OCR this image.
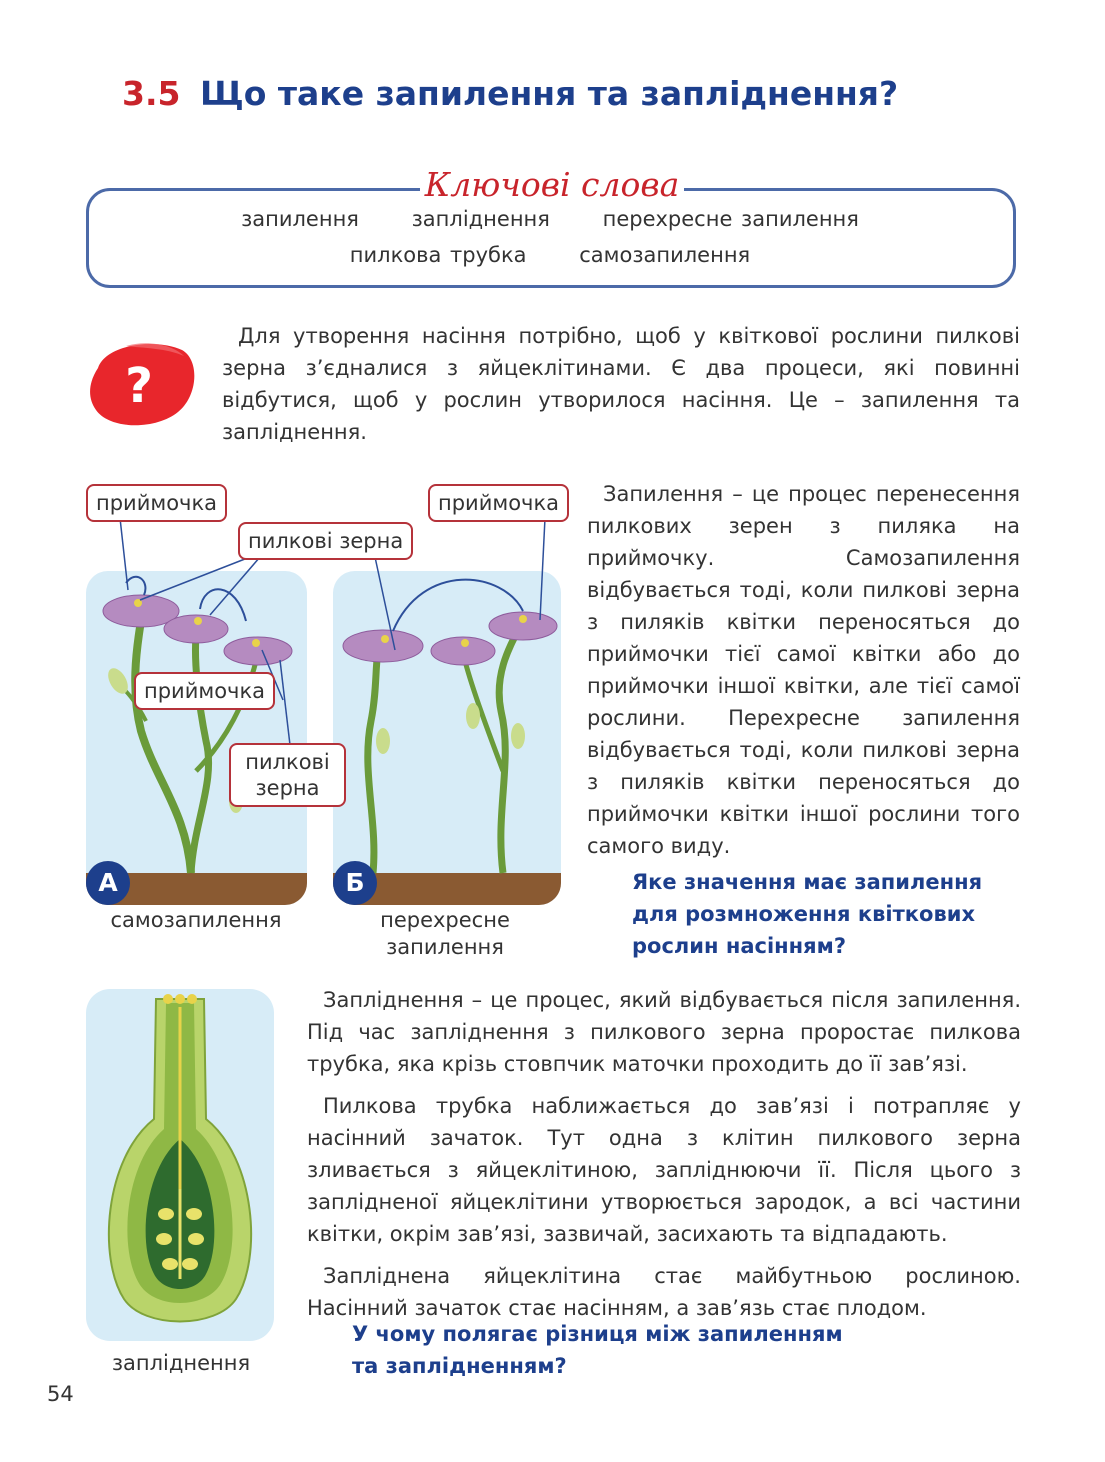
3.5 Що таке запилення та запліднення?
Ключові слова
запилення	запліднення	перехресне запилення
пилкова трубка	самозапилення
?

Для утворення насіння потрібно, щоб у квіткової рослини пилкові зерна з’єдналися з яйцеклітинами. Є два процеси, які повинні відбутися, щоб у рослин утворилося насіння. Це – запилення та запліднення.

А
самозапилення
Б
перехресне запилення
приймочка	приймочка
пилкові зерна
приймочка
пилкові зерна

Запилення – це процес перенесення пилкових зерен з пиляка на приймочку. Самозапилення відбувається тоді, коли пилкові зерна з пиляків квітки переносяться до приймочки тієї самої квітки або до приймочки іншої квітки, але тієї самої рослини. Перехресне запилення відбувається тоді, коли пилкові зерна з пиляків квітки переносяться до приймочки квітки іншої рослини того самого виду.

Яке значення має запилення для розмноження квіткових рослин насінням?
запліднення

Запліднення – це процес, який відбувається після запилення. Під час запліднення з пилкового зерна проростає пилкова трубка, яка крізь стовпчик маточки проходить до її зав’язі.

Пилкова трубка наближається до зав’язі і потрапляє у насінний зачаток. Тут одна з клітин пилкового зерна зливається з яйцеклітиною, запліднюючи її. Після цього з заплідненої яйцеклітини утворюється зародок, а всі частини квітки, окрім зав’язі, зазвичай, засихають та відпадають.

Запліднена яйцеклітина стає майбутньою рослиною. Насінний зачаток стає насінням, а зав’язь стає плодом.

У чому полягає різниця між запиленням та заплідненням?
54
